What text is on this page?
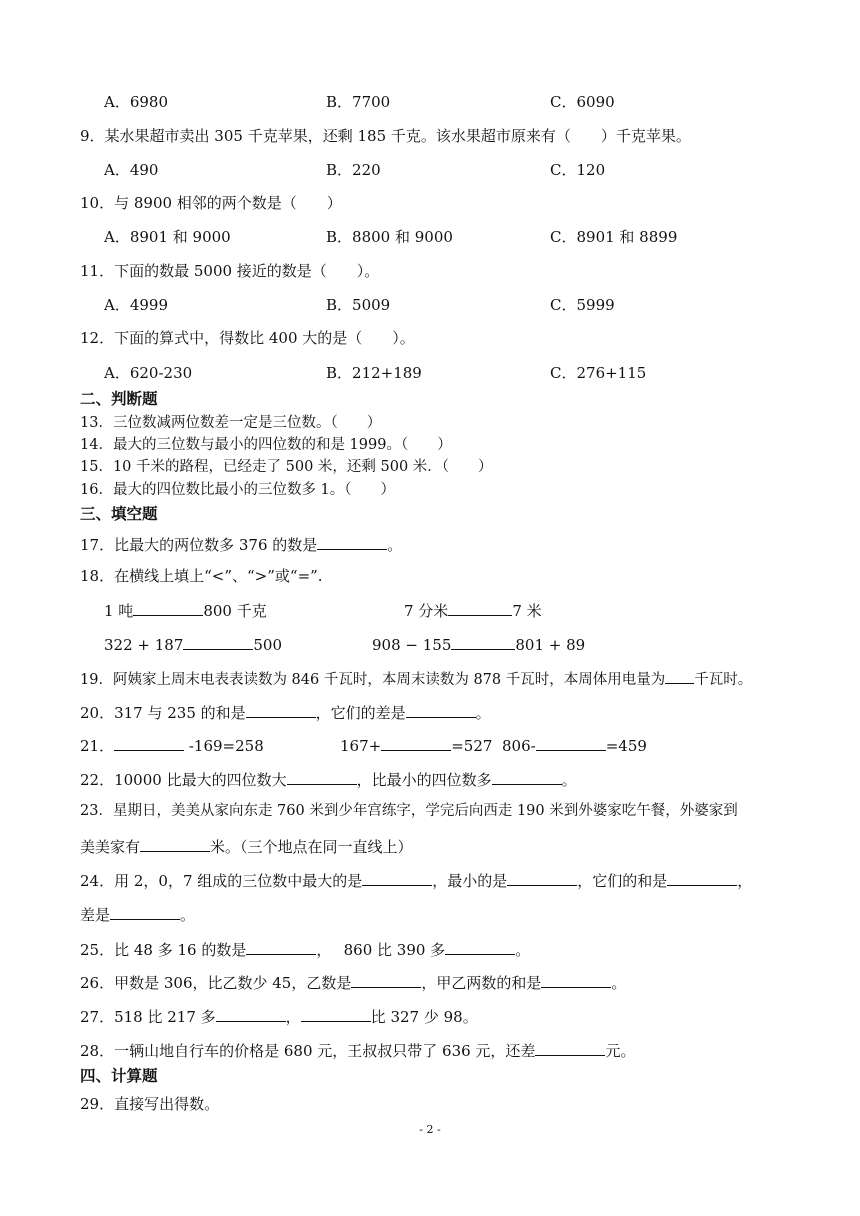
A．6980	B．7700	C．6090
9．某水果超市卖出 305 千克苹果，还剩 185 千克。该水果超市原来有（　　）千克苹果。
A．490	B．220	C．120
10．与 8900 相邻的两个数是（　　）
A．8901 和 9000	B．8800 和 9000	C．8901 和 8899
11．下面的数最 5000 接近的数是（　　）。
A．4999	B．5009	C．5999
12．下面的算式中，得数比 400 大的是（　　）。
A．620-230	B．212+189	C．276+115
二、判断题
13．三位数减两位数差一定是三位数。（　　）
14．最大的三位数与最小的四位数的和是 1999。（　　）
15．10 千米的路程，已经走了 500 米，还剩 500 米．（　　）
16．最大的四位数比最小的三位数多 1。（　　）
三、填空题
17．比最大的两位数多 376 的数是	。
18．在横线上填上“<”、“>”或“=”.
1 吨	800 千克	7 分米	7 米
322 + 187	500	908 − 155	801 + 89
19．阿姨家上周末电表表读数为 846 千瓦时，本周末读数为 878 千瓦时，本周体用电量为 千瓦时。
20．317 与 235 的和是	，它们的差是	。
21．	-169=258	167+	=527 806-	=459
22．10000 比最大的四位数大	，比最小的四位数多	。
23．星期日，美美从家向东走 760 米到少年宫练字，学完后向西走 190 米到外婆家吃午餐，外婆家到
美美家有	米。（三个地点在同一直线上）
24．用 2，0，7 组成的三位数中最大的是	，最小的是	，它们的和是	，
差是	。
25．比 48 多 16 的数是	，　 860 比 390 多	。
26．甲数是 306，比乙数少 45，乙数是	，甲乙两数的和是	。
27．518 比 217 多	，	比 327 少 98。
28．一辆山地自行车的价格是 680 元，王叔叔只带了 636 元，还差	元。
四、计算题
29．直接写出得数。
- 2 -
